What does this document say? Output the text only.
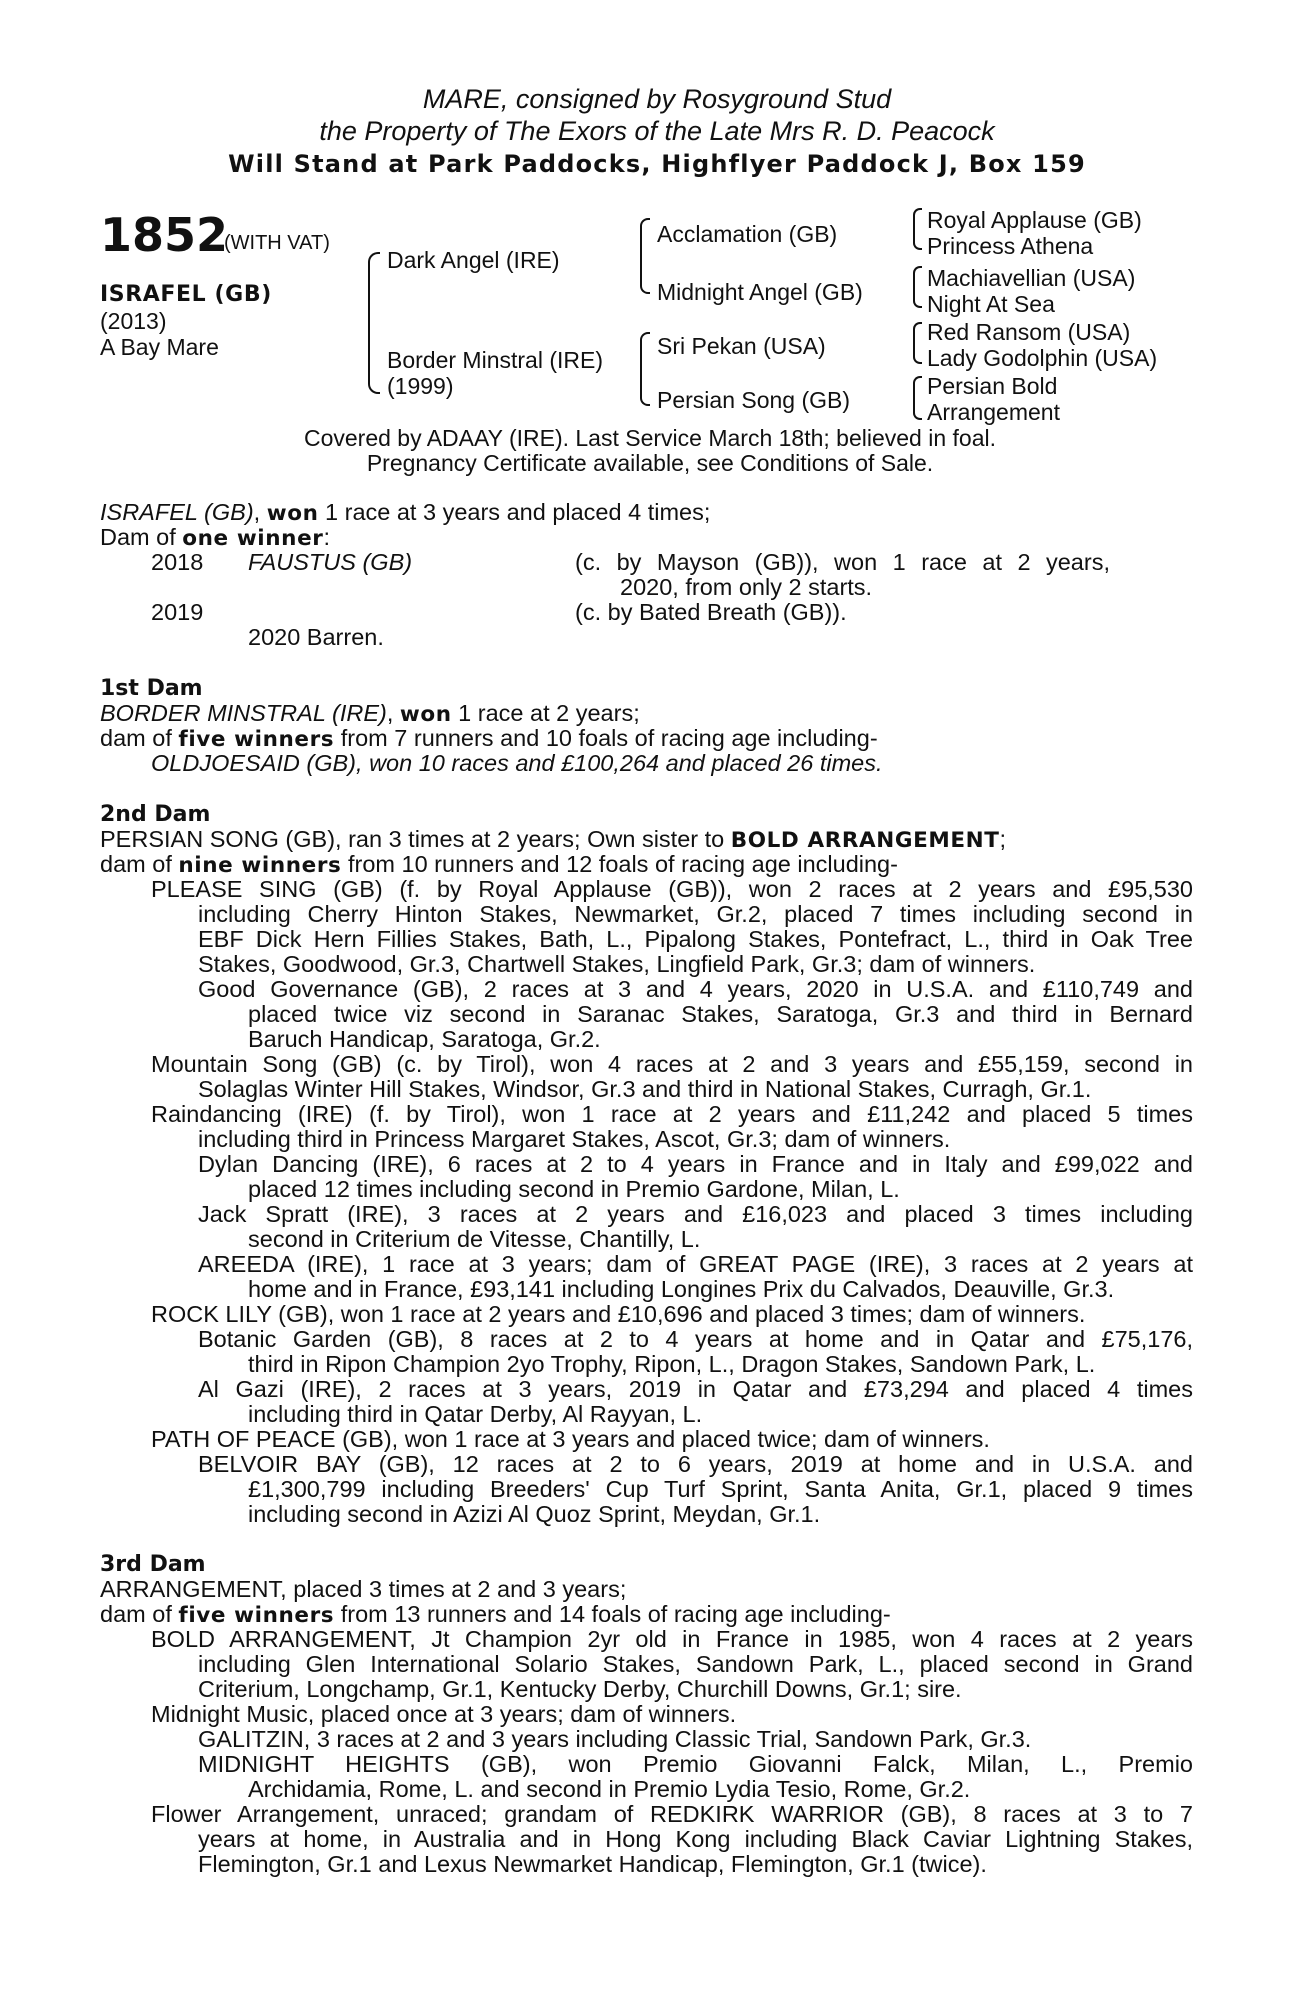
MARE, consigned by Rosyground Stud
the Property of The Exors of the Late Mrs R. D. Peacock
Will Stand at Park Paddocks, Highflyer Paddock J, Box 159
1852
(WITH VAT)
ISRAFEL (GB)
(2013)
A Bay Mare
Dark Angel (IRE)
Border Minstral (IRE)
(1999)
Acclamation (GB)
Midnight Angel (GB)
Sri Pekan (USA)
Persian Song (GB)
Royal Applause (GB)
Princess Athena
Machiavellian (USA)
Night At Sea
Red Ransom (USA)
Lady Godolphin (USA)
Persian Bold
Arrangement
Covered by ADAAY (IRE). Last Service March 18th; believed in foal.
Pregnancy Certificate available, see Conditions of Sale.
ISRAFEL (GB), won 1 race at 3 years and placed 4 times;
Dam of one winner:
2018 FAUSTUS (GB)	(c. by Mayson (GB)), won 1 race at 2 years,
2020, from only 2 starts.
2019	(c. by Bated Breath (GB)).
2020 Barren.
1st Dam
BORDER MINSTRAL (IRE), won 1 race at 2 years;
dam of five winners from 7 runners and 10 foals of racing age including-
OLDJOESAID (GB), won 10 races and £100,264 and placed 26 times.
2nd Dam
PERSIAN SONG (GB), ran 3 times at 2 years; Own sister to BOLD ARRANGEMENT;
dam of nine winners from 10 runners and 12 foals of racing age including-
PLEASE SING (GB) (f. by Royal Applause (GB)), won 2 races at 2 years and £95,530
including Cherry Hinton Stakes, Newmarket, Gr.2, placed 7 times including second in
EBF Dick Hern Fillies Stakes, Bath, L., Pipalong Stakes, Pontefract, L., third in Oak Tree
Stakes, Goodwood, Gr.3, Chartwell Stakes, Lingfield Park, Gr.3; dam of winners.
Good Governance (GB), 2 races at 3 and 4 years, 2020 in U.S.A. and £110,749 and
placed twice viz second in Saranac Stakes, Saratoga, Gr.3 and third in Bernard
Baruch Handicap, Saratoga, Gr.2.
Mountain Song (GB) (c. by Tirol), won 4 races at 2 and 3 years and £55,159, second in
Solaglas Winter Hill Stakes, Windsor, Gr.3 and third in National Stakes, Curragh, Gr.1.
Raindancing (IRE) (f. by Tirol), won 1 race at 2 years and £11,242 and placed 5 times
including third in Princess Margaret Stakes, Ascot, Gr.3; dam of winners.
Dylan Dancing (IRE), 6 races at 2 to 4 years in France and in Italy and £99,022 and
placed 12 times including second in Premio Gardone, Milan, L.
Jack Spratt (IRE), 3 races at 2 years and £16,023 and placed 3 times including
second in Criterium de Vitesse, Chantilly, L.
AREEDA (IRE), 1 race at 3 years; dam of GREAT PAGE (IRE), 3 races at 2 years at
home and in France, £93,141 including Longines Prix du Calvados, Deauville, Gr.3.
ROCK LILY (GB), won 1 race at 2 years and £10,696 and placed 3 times; dam of winners.
Botanic Garden (GB), 8 races at 2 to 4 years at home and in Qatar and £75,176,
third in Ripon Champion 2yo Trophy, Ripon, L., Dragon Stakes, Sandown Park, L.
Al Gazi (IRE), 2 races at 3 years, 2019 in Qatar and £73,294 and placed 4 times
including third in Qatar Derby, Al Rayyan, L.
PATH OF PEACE (GB), won 1 race at 3 years and placed twice; dam of winners.
BELVOIR BAY (GB), 12 races at 2 to 6 years, 2019 at home and in U.S.A. and
£1,300,799 including Breeders' Cup Turf Sprint, Santa Anita, Gr.1, placed 9 times
including second in Azizi Al Quoz Sprint, Meydan, Gr.1.
3rd Dam
ARRANGEMENT, placed 3 times at 2 and 3 years;
dam of five winners from 13 runners and 14 foals of racing age including-
BOLD ARRANGEMENT, Jt Champion 2yr old in France in 1985, won 4 races at 2 years
including Glen International Solario Stakes, Sandown Park, L., placed second in Grand
Criterium, Longchamp, Gr.1, Kentucky Derby, Churchill Downs, Gr.1; sire.
Midnight Music, placed once at 3 years; dam of winners.
GALITZIN, 3 races at 2 and 3 years including Classic Trial, Sandown Park, Gr.3.
MIDNIGHT HEIGHTS (GB), won Premio Giovanni Falck, Milan, L., Premio
Archidamia, Rome, L. and second in Premio Lydia Tesio, Rome, Gr.2.
Flower Arrangement, unraced; grandam of REDKIRK WARRIOR (GB), 8 races at 3 to 7
years at home, in Australia and in Hong Kong including Black Caviar Lightning Stakes,
Flemington, Gr.1 and Lexus Newmarket Handicap, Flemington, Gr.1 (twice).
